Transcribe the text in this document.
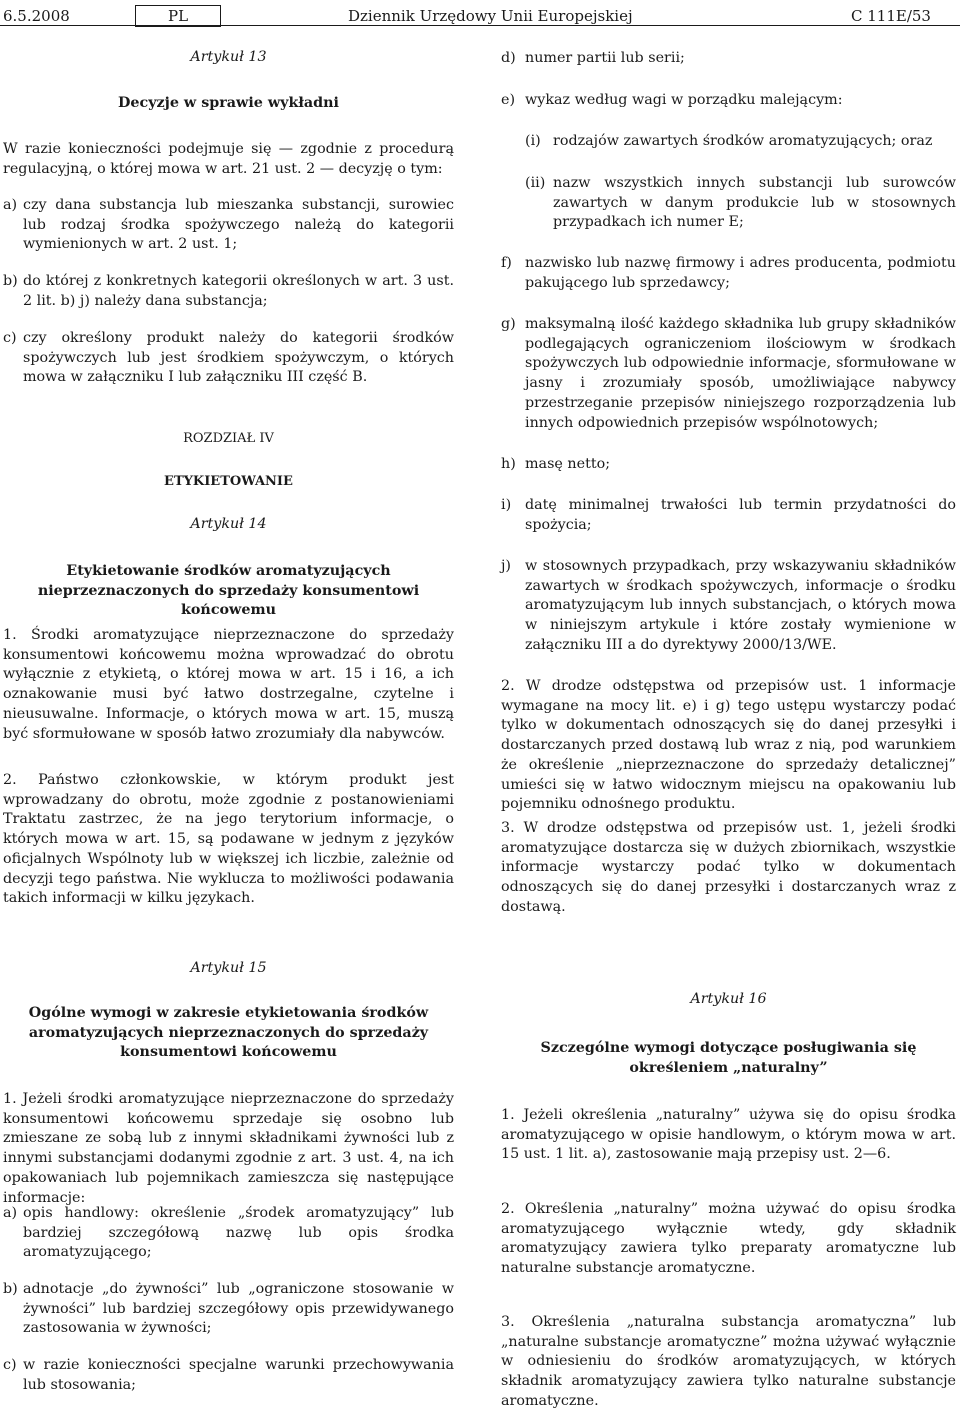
6.5.2008	PL	Dziennik Urzędowy Unii Europejskiej	C 111E/53
Artykuł 13
Decyzje w sprawie wykładni

W razie konieczności podejmuje się — zgodnie z procedurą regulacyjną, o której mowa w art. 21 ust. 2 — decyzję o tym:

a) czy dana substancja lub mieszanka substancji, surowiec lub rodzaj środka spożywczego należą do kategorii wymienionych w art. 2 ust. 1;

b) do której z konkretnych kategorii określonych w art. 3 ust. 2 lit. b) j) należy dana substancja;

c) czy określony produkt należy do kategorii środków spożywczych lub jest środkiem spożywczym, o których mowa w załączniku I lub załączniku III część B.

ROZDZIAŁ IV
ETYKIETOWANIE
Artykuł 14
Etykietowanie środków aromatyzujących nieprzeznaczonych do sprzedaży konsumentowi końcowemu

1. Środki aromatyzujące nieprzeznaczone do sprzedaży konsumentowi końcowemu można wprowadzać do obrotu wyłącznie z etykietą, o której mowa w art. 15 i 16, a ich oznakowanie musi być łatwo dostrzegalne, czytelne i nieusuwalne. Informacje, o których mowa w art. 15, muszą być sformułowane w sposób łatwo zrozumiały dla nabywców.

2. Państwo członkowskie, w którym produkt jest wprowadzany do obrotu, może zgodnie z postanowieniami Traktatu zastrzec, że na jego terytorium informacje, o których mowa w art. 15, są podawane w jednym z języków oficjalnych Wspólnoty lub w większej ich liczbie, zależnie od decyzji tego państwa. Nie wyklucza to możliwości podawania takich informacji w kilku językach.

Artykuł 15
Ogólne wymogi w zakresie etykietowania środków aromatyzujących nieprzeznaczonych do sprzedaży konsumentowi końcowemu

1. Jeżeli środki aromatyzujące nieprzeznaczone do sprzedaży konsumentowi końcowemu sprzedaje się osobno lub zmieszane ze sobą lub z innymi składnikami żywności lub z innymi substancjami dodanymi zgodnie z art. 3 ust. 4, na ich opakowaniach lub pojemnikach zamieszcza się następujące informacje:

a) opis handlowy: określenie „środek aromatyzujący” lub bardziej szczegółową nazwę lub opis środka aromatyzującego;

b) adnotacje „do żywności” lub „ograniczone stosowanie w żywności” lub bardziej szczegółowy opis przewidywanego zastosowania w żywności;

c) w razie konieczności specjalne warunki przechowywania lub stosowania;

d) numer partii lub serii;

e) wykaz według wagi w porządku malejącym:

(i) rodzajów zawartych środków aromatyzujących; oraz

(ii) nazw wszystkich innych substancji lub surowców zawartych w danym produkcie lub w stosownych przypadkach ich numer E;

f) nazwisko lub nazwę firmowy i adres producenta, podmiotu pakującego lub sprzedawcy;

g) maksymalną ilość każdego składnika lub grupy składników podlegających ograniczeniom ilościowym w środkach spożywczych lub odpowiednie informacje, sformułowane w jasny i zrozumiały sposób, umożliwiające nabywcy przestrzeganie przepisów niniejszego rozporządzenia lub innych odpowiednich przepisów wspólnotowych;

h) masę netto;

i) datę minimalnej trwałości lub termin przydatności do spożycia;

j) w stosownych przypadkach, przy wskazywaniu składników zawartych w środkach spożywczych, informacje o środku aromatyzującym lub innych substancjach, o których mowa w niniejszym artykule i które zostały wymienione w załączniku III a do dyrektywy 2000/13/WE.

2. W drodze odstępstwa od przepisów ust. 1 informacje wymagane na mocy lit. e) i g) tego ustępu wystarczy podać tylko w dokumentach odnoszących się do danej przesyłki i dostarczanych przed dostawą lub wraz z nią, pod warunkiem że określenie „nieprzeznaczone do sprzedaży detalicznej” umieści się w łatwo widocznym miejscu na opakowaniu lub pojemniku odnośnego produktu.

3. W drodze odstępstwa od przepisów ust. 1, jeżeli środki aromatyzujące dostarcza się w dużych zbiornikach, wszystkie informacje wystarczy podać tylko w dokumentach odnoszących się do danej przesyłki i dostarczanych wraz z dostawą.

Artykuł 16
Szczególne wymogi dotyczące posługiwania się określeniem „naturalny”

1. Jeżeli określenia „naturalny” używa się do opisu środka aromatyzującego w opisie handlowym, o którym mowa w art. 15 ust. 1 lit. a), zastosowanie mają przepisy ust. 2—6.

2. Określenia „naturalny” można używać do opisu środka aromatyzującego wyłącznie wtedy, gdy składnik aromatyzujący zawiera tylko preparaty aromatyczne lub naturalne substancje aromatyczne.

3. Określenia „naturalna substancja aromatyczna” lub „naturalne substancje aromatyczne” można używać wyłącznie w odniesieniu do środków aromatyzujących, w których składnik aromatyzujący zawiera tylko naturalne substancje aromatyczne.
